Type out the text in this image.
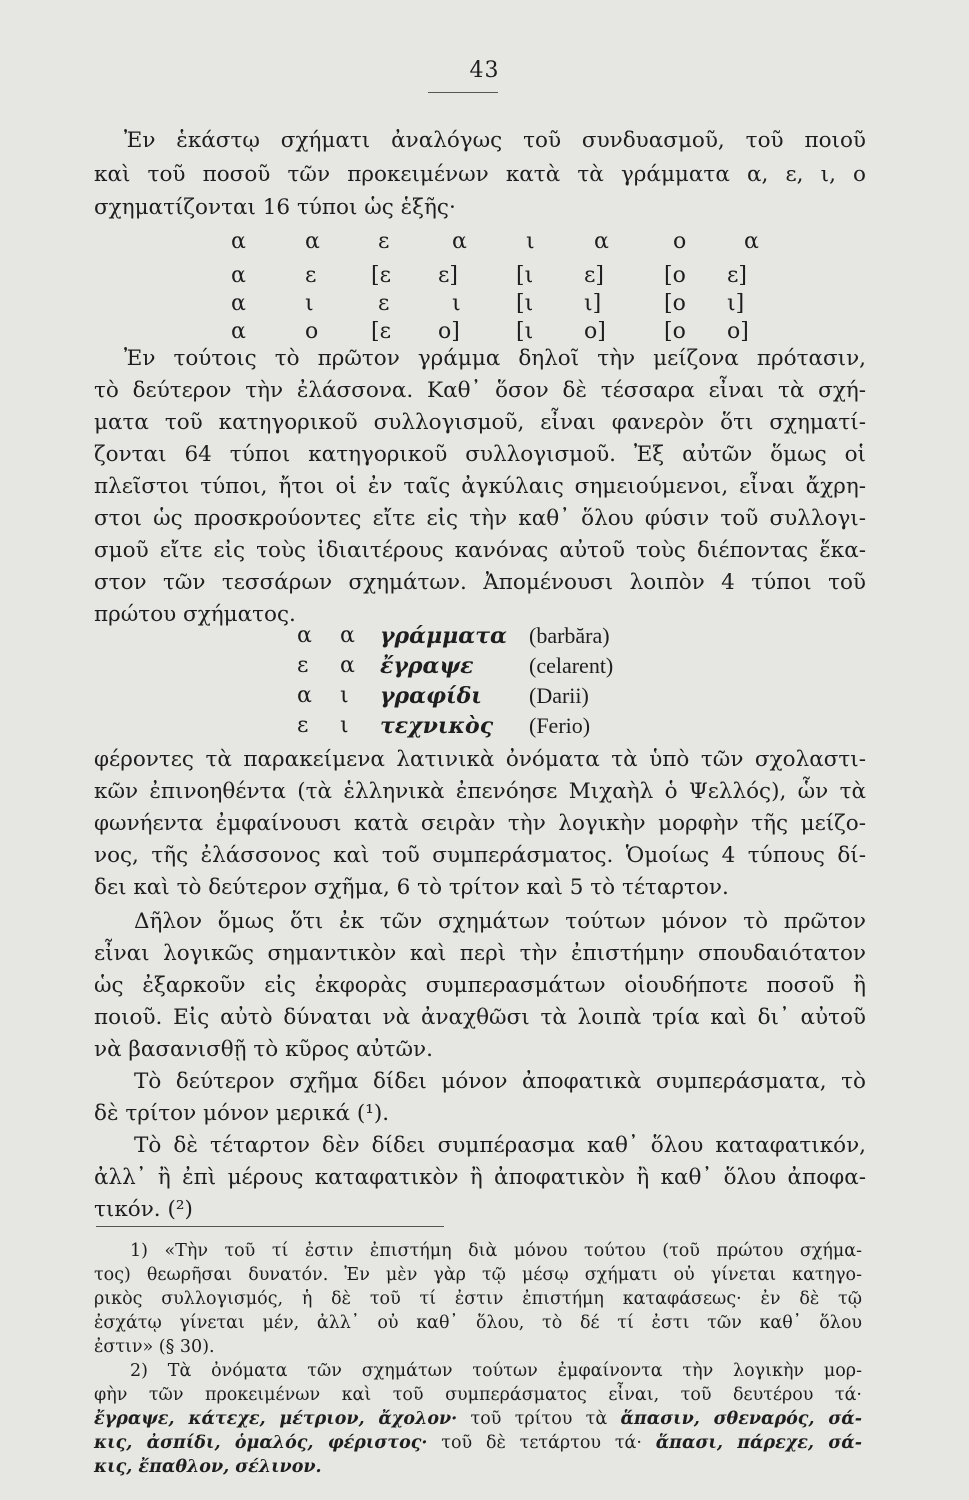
43
Ἐν ἑκάστῳ σχήματι ἀναλόγως τοῦ συνδυασμοῦ, τοῦ ποιοῦ
καὶ τοῦ ποσοῦ τῶν προκειμένων κατὰ τὰ γράμματα α, ε, ι, ο
σχηματίζονται 16 τύποι ὡς ἑξῆς·
α	α	ε	α	ι	α	ο	α
α	ε [ε ε]	[ι ε]	[ο ε]
α	ι	ε	ι	[ι ι]	[ο ι]
α	ο [ε ο]	[ι ο]	[ο ο]
Ἐν τούτοις τὸ πρῶτον γράμμα δηλοῖ τὴν μείζονα πρότασιν,
τὸ δεύτερον τὴν ἐλάσσονα. Καθ᾿ ὅσον δὲ τέσσαρα εἶναι τὰ σχή-
ματα τοῦ κατηγορικοῦ συλλογισμοῦ, εἶναι φανερὸν ὅτι σχηματί-
ζονται 64 τύποι κατηγορικοῦ συλλογισμοῦ. Ἐξ αὐτῶν ὅμως οἱ
πλεῖστοι τύποι, ἤτοι οἱ ἐν ταῖς ἀγκύλαις σημειούμενοι, εἶναι ἄχρη-
στοι ὡς προσκρούοντες εἴτε εἰς τὴν καθ᾿ ὅλου φύσιν τοῦ συλλογι-
σμοῦ εἴτε εἰς τοὺς ἰδιαιτέρους κανόνας αὐτοῦ τοὺς διέποντας ἕκα-
στον τῶν τεσσάρων σχημάτων. Ἀπομένουσι λοιπὸν 4 τύποι τοῦ
πρώτου σχήματος.
α	α	γράμματα (barbăra)
ε	α	ἔγραψε	(celarent)
α	ι	γραφίδι (Darii)
ε	ι	τεχνικὸς (Ferio)
φέροντες τὰ παρακείμενα λατινικὰ ὀνόματα τὰ ὑπὸ τῶν σχολαστι-
κῶν ἐπινοηθέντα (τὰ ἑλληνικὰ ἐπενόησε Μιχαὴλ ὁ Ψελλός), ὧν τὰ
φωνήεντα ἐμφαίνουσι κατὰ σειρὰν τὴν λογικὴν μορφὴν τῆς μείζο-
νος, τῆς ἐλάσσονος καὶ τοῦ συμπεράσματος. Ὁμοίως 4 τύπους δί-
δει καὶ τὸ δεύτερον σχῆμα, 6 τὸ τρίτον καὶ 5 τὸ τέταρτον.
Δῆλον ὅμως ὅτι ἐκ τῶν σχημάτων τούτων μόνον τὸ πρῶτον
εἶναι λογικῶς σημαντικὸν καὶ περὶ τὴν ἐπιστήμην σπουδαιότατον
ὡς ἐξαρκοῦν εἰς ἐκφορὰς συμπερασμάτων οἱουδήποτε ποσοῦ ἢ
ποιοῦ. Εἰς αὐτὸ δύναται νὰ ἀναχθῶσι τὰ λοιπὰ τρία καὶ δι᾿ αὐτοῦ
νὰ βασανισθῇ τὸ κῦρος αὐτῶν.
Τὸ δεύτερον σχῆμα δίδει μόνον ἀποφατικὰ συμπεράσματα, τὸ
δὲ τρίτον μόνον μερικά (¹).
Τὸ δὲ τέταρτον δὲν δίδει συμπέρασμα καθ᾿ ὅλου καταφατικόν,
ἀλλ᾿ ἢ ἐπὶ μέρους καταφατικὸν ἢ ἀποφατικὸν ἢ καθ᾿ ὅλου ἀποφα-
τικόν. (²)
1) «Τὴν τοῦ τί ἐστιν ἐπιστήμη διὰ μόνου τούτου (τοῦ πρώτου σχήμα-
τος) θεωρῆσαι δυνατόν. Ἐν μὲν γὰρ τῷ μέσῳ σχήματι οὐ γίνεται κατηγο-
ρικὸς συλλογισμός, ἡ δὲ τοῦ τί ἐστιν ἐπιστήμη καταφάσεως· ἐν δὲ τῷ
ἐσχάτῳ γίνεται μέν, ἀλλ᾿ οὐ καθ᾿ ὅλου, τὸ δέ τί ἐστι τῶν καθ᾿ ὅλου
ἐστιν» (§ 30).
2) Τὰ ὀνόματα τῶν σχημάτων τούτων ἐμφαίνοντα τὴν λογικὴν μορ-
φὴν τῶν προκειμένων καὶ τοῦ συμπεράσματος εἶναι, τοῦ δευτέρου τά·
ἔγραψε, κάτεχε, μέτριον, ἄχολον· τοῦ τρίτου τὰ ἅπασιν, σθεναρός, σά-
κις, ἀσπίδι, ὁμαλός, φέριστος· τοῦ δὲ τετάρτου τά· ἅπασι, πάρεχε, σά-
κις, ἔπαθλον, σέλινον.
